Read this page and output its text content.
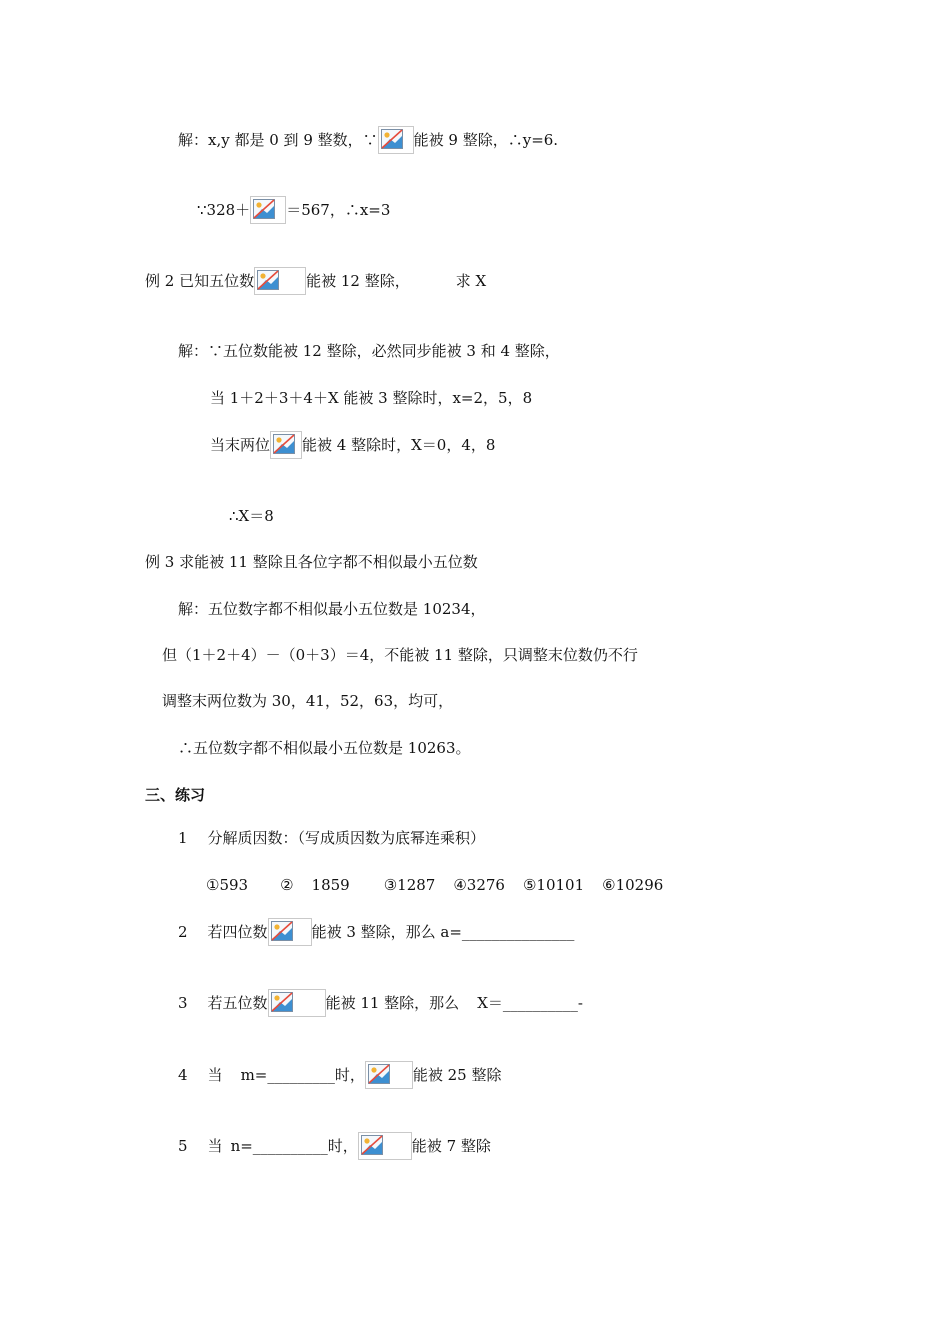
解：x,y 都是 0 到 9 整数，∵ 能被 9 整除，∴y=6.
∵328＋ ＝567，∴x=3
例 2 已知五位数	能被 12 整除，	求 X
解：∵五位数能被 12 整除，必然同步能被 3 和 4 整除，
当 1＋2＋3＋4＋X 能被 3 整除时，x=2，5，8
当末两位 能被 4 整除时，X＝0，4，8
∴X＝8
例 3 求能被 11 整除且各位字都不相似最小五位数
解：五位数字都不相似最小五位数是 10234，
但（1＋2＋4）－（0＋3）＝4，不能被 11 整除，只调整末位数仍不行
调整末两位数为 30，41，52，63，均可，
∴五位数字都不相似最小五位数是 10263。
三、练习
1 分解质因数：（写成质因数为底幂连乘积）
①593 ② 1859 ③1287 ④3276 ⑤10101 ⑥10296
2 若四位数	能被 3 整除，那么 a=_______________
3 若五位数	能被 11 整除，那么 X＝__________-
4 当 m=_________时，	能被 25 整除
5 当 n=__________时，	能被 7 整除
